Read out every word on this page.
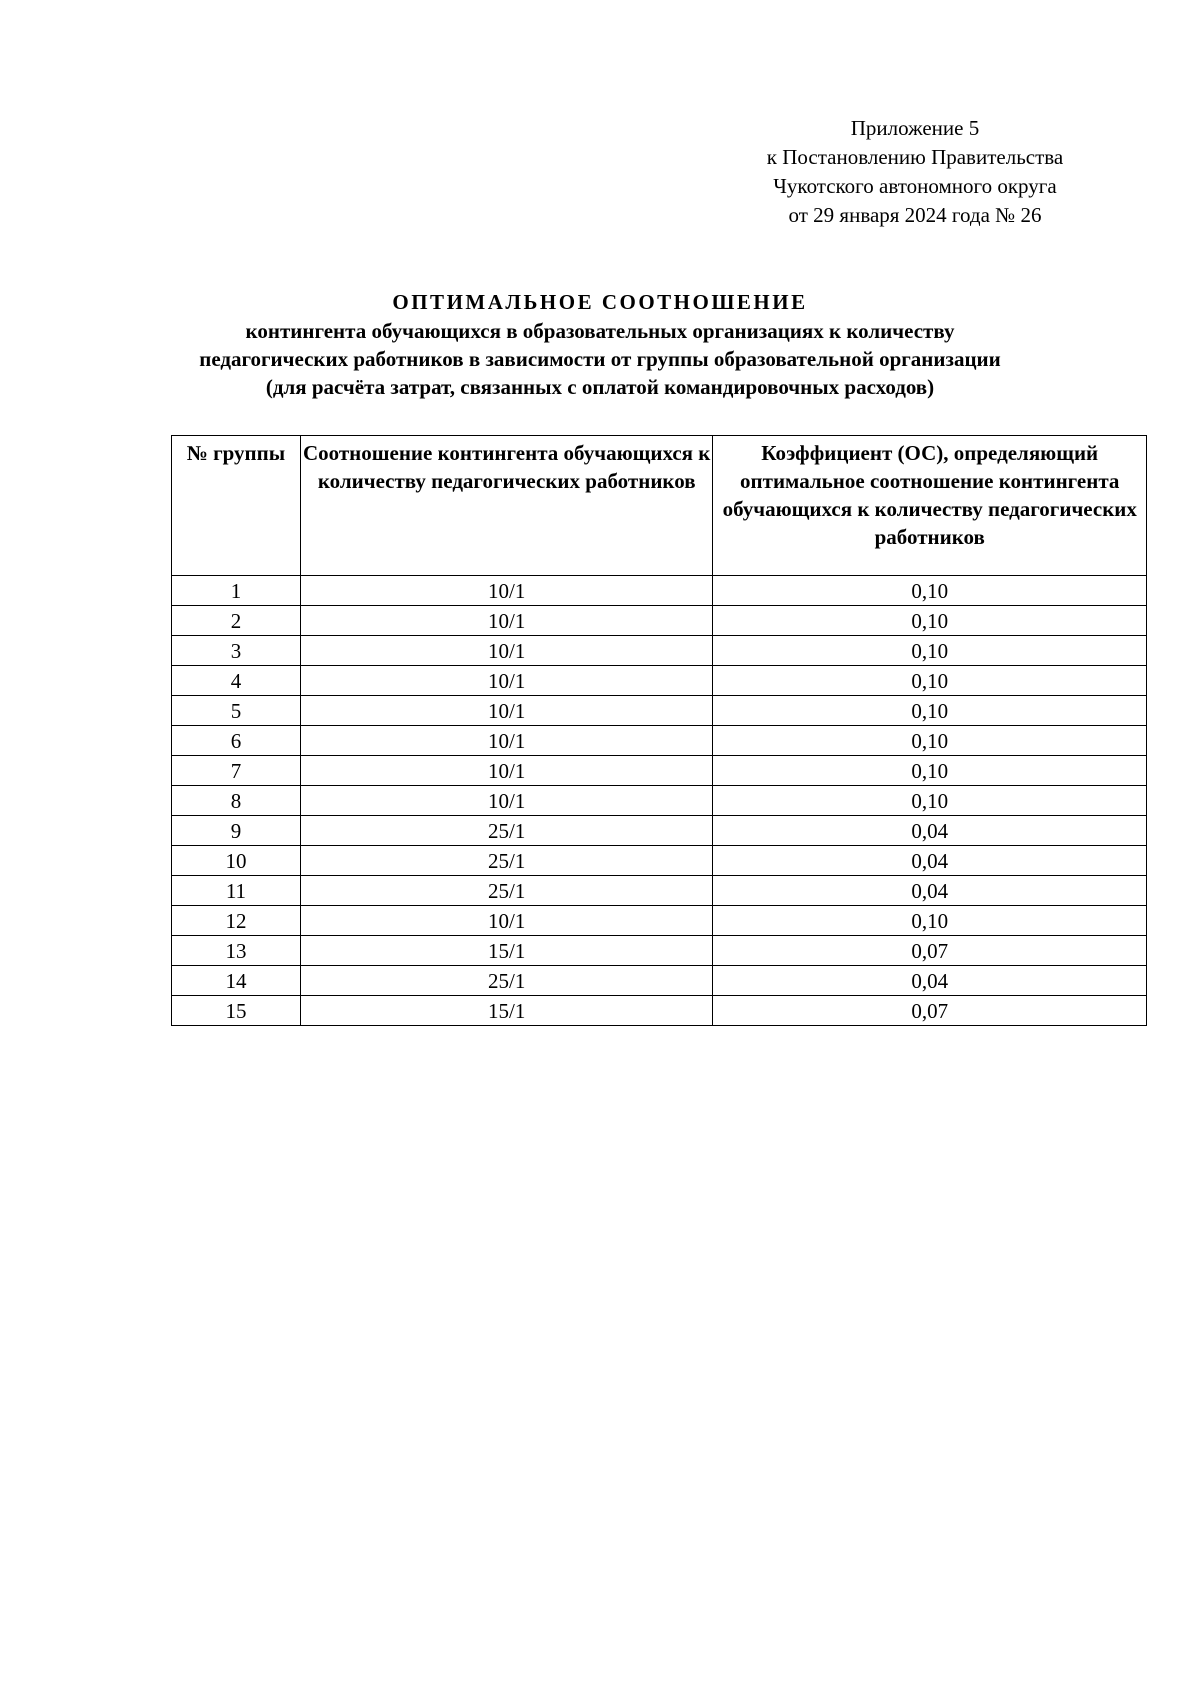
Приложение 5
к Постановлению Правительства
Чукотского автономного округа
от 29 января 2024 года № 26
ОПТИМАЛЬНОЕ СООТНОШЕНИЕ
контингента обучающихся в образовательных организациях к количеству
педагогических работников в зависимости от группы образовательной организации
(для расчёта затрат, связанных с оплатой командировочных расходов)
№ группы	Соотношение контингента обучающихся к количеству педагогических работников	Коэффициент (ОС), определяющий оптимальное соотношение контингента обучающихся к количеству педагогических работников
1	10/1	0,10
2	10/1	0,10
3	10/1	0,10
4	10/1	0,10
5	10/1	0,10
6	10/1	0,10
7	10/1	0,10
8	10/1	0,10
9	25/1	0,04
10	25/1	0,04
11	25/1	0,04
12	10/1	0,10
13	15/1	0,07
14	25/1	0,04
15	15/1	0,07
